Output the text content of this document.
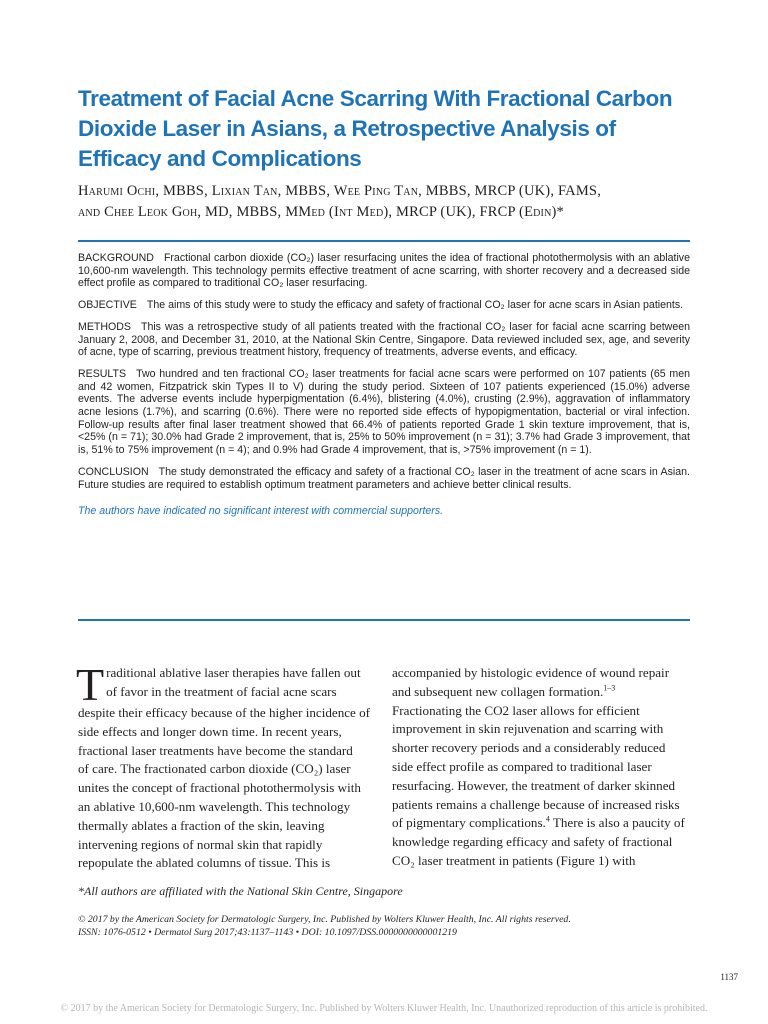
Treatment of Facial Acne Scarring With Fractional Carbon
Dioxide Laser in Asians, a Retrospective Analysis of
Efficacy and Complications
Harumi Ochi, MBBS, Lixian Tan, MBBS, Wee Ping Tan, MBBS, MRCP (UK), FAMS,
and Chee Leok Goh, MD, MBBS, MMed (Int Med), MRCP (UK), FRCP (Edin)*

BACKGROUND Fractional carbon dioxide (CO₂) laser resurfacing unites the idea of fractional photothermolysis with an ablative 10,600-nm wavelength. This technology permits effective treatment of acne scarring, with shorter recovery and a decreased side effect profile as compared to traditional CO₂ laser resurfacing.

OBJECTIVE The aims of this study were to study the efficacy and safety of fractional CO₂ laser for acne scars in Asian patients.

METHODS This was a retrospective study of all patients treated with the fractional CO₂ laser for facial acne scarring between January 2, 2008, and December 31, 2010, at the National Skin Centre, Singapore. Data reviewed included sex, age, and severity of acne, type of scarring, previous treatment history, frequency of treatments, adverse events, and efficacy.

RESULTS Two hundred and ten fractional CO₂ laser treatments for facial acne scars were performed on 107 patients (65 men and 42 women, Fitzpatrick skin Types II to V) during the study period. Sixteen of 107 patients experienced (15.0%) adverse events. The adverse events include hyperpigmentation (6.4%), blistering (4.0%), crusting (2.9%), aggravation of inflammatory acne lesions (1.7%), and scarring (0.6%). There were no reported side effects of hypopigmentation, bacterial or viral infection. Follow-up results after final laser treatment showed that 66.4% of patients reported Grade 1 skin texture improvement, that is, <25% (n = 71); 30.0% had Grade 2 improvement, that is, 25% to 50% improvement (n = 31); 3.7% had Grade 3 improvement, that is, 51% to 75% improvement (n = 4); and 0.9% had Grade 4 improvement, that is, >75% improvement (n = 1).

CONCLUSION The study demonstrated the efficacy and safety of a fractional CO₂ laser in the treatment of acne scars in Asian. Future studies are required to establish optimum treatment parameters and achieve better clinical results.

The authors have indicated no significant interest with commercial supporters.

T raditional ablative laser therapies have fallen out
of favor in the treatment of facial acne scars
despite their efficacy because of the higher incidence of
side effects and longer down time. In recent years,
fractional laser treatments have become the standard
of care. The fractionated carbon dioxide (CO₂) laser
unites the concept of fractional photothermolysis with
an ablative 10,600-nm wavelength. This technology
thermally ablates a fraction of the skin, leaving
intervening regions of normal skin that rapidly
repopulate the ablated columns of tissue. This is
accompanied by histologic evidence of wound repair
and subsequent new collagen formation.$^{1-3}$
Fractionating the CO2 laser allows for efficient
improvement in skin rejuvenation and scarring with
shorter recovery periods and a considerably reduced
side effect profile as compared to traditional laser
resurfacing. However, the treatment of darker skinned
patients remains a challenge because of increased risks
of pigmentary complications.$^4$ There is also a paucity of
knowledge regarding efficacy and safety of fractional
CO₂ laser treatment in patients (Figure 1) with
*All authors are affiliated with the National Skin Centre, Singapore
© 2017 by the American Society for Dermatologic Surgery, Inc. Published by Wolters Kluwer Health, Inc. All rights reserved.
ISSN: 1076-0512 • Dermatol Surg 2017;43:1137–1143 • DOI: 10.1097/DSS.0000000000001219
1137
© 2017 by the American Society for Dermatologic Surgery, Inc. Published by Wolters Kluwer Health, Inc. Unauthorized reproduction of this article is prohibited.
